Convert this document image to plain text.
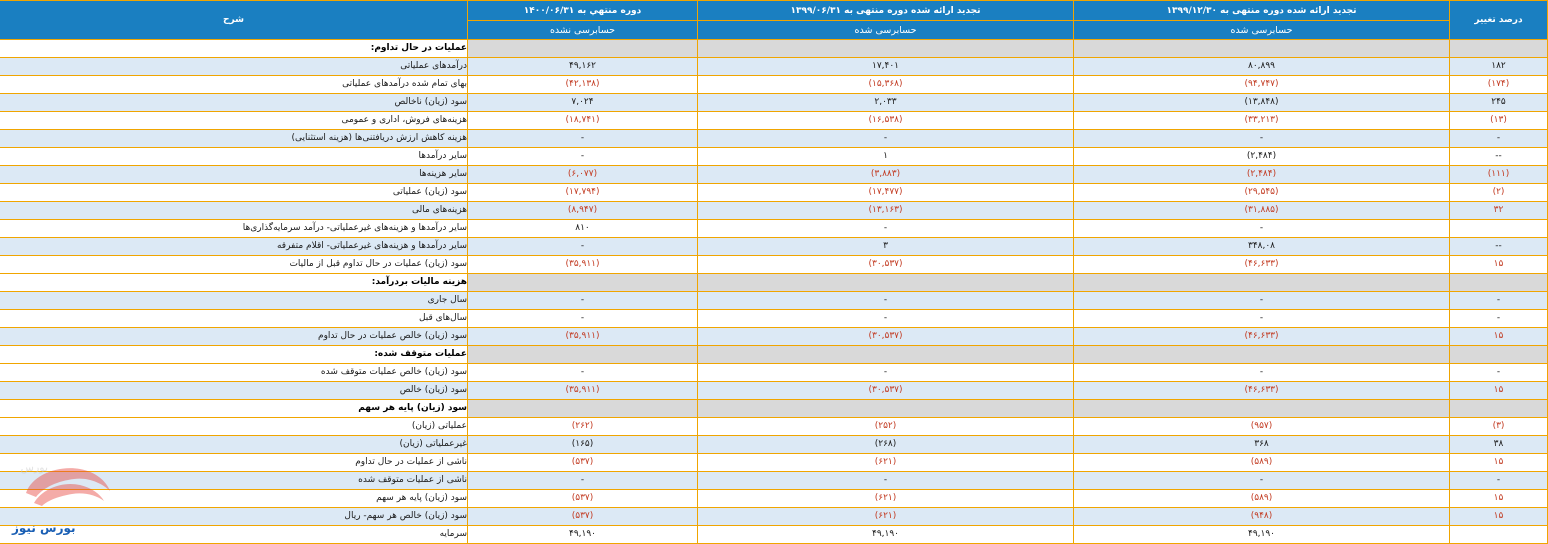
درصد تغییر	تجدید ارائه شده دوره منتهی به ۱۳۹۹/۱۲/۳۰	تجدید ارائه شده دوره منتهی به ۱۳۹۹/۰۶/۳۱	دوره منتهي به ۱۴۰۰/۰۶/۳۱	شرح
	حسابرسی شده	حسابرسی شده	حسابرسی نشده	
				عملیات در حال تداوم:
۱۸۲	۸۰,۸۹۹	۱۷,۴۰۱	۴۹,۱۶۲	درآمدهای عملیاتی
(۱۷۴)	(۹۴,۷۴۷)	(۱۵,۳۶۸)	(۴۲,۱۳۸)	بهای تمام شده درآمدهای عملیاتی
۲۴۵	(۱۳,۸۴۸)	۲,۰۳۳	۷,۰۲۴	سود (زیان) ناخالص
(۱۳)	(۳۳,۲۱۳)	(۱۶,۵۳۸)	(۱۸,۷۴۱)	هزینه‌های فروش، اداری و عمومی
-	-	-	-	هزینه کاهش ارزش دریافتنی‌ها (هزینه استثنایی)
--	(۲,۴۸۴)	۱	-	سایر درآمدها
(۱۱۱)	(۲,۴۸۴)	(۳,۸۸۳)	(۶,۰۷۷)	سایر هزینه‌ها
(۲)	(۲۹,۵۴۵)	(۱۷,۴۷۷)	(۱۷,۷۹۴)	سود (زیان) عملیاتی
۳۲	(۳۱,۸۸۵)	(۱۳,۱۶۳)	(۸,۹۴۷)	هزینه‌های مالی
	-	-	۸۱۰	سایر درآمدها و هزینه‌های غیرعملیاتی- درآمد سرمایه‌گذاری‌ها
--	۳۴۸,۰۸	۳	-	سایر درآمدها و هزینه‌های غیرعملیاتی- اقلام متفرقه
۱۵	(۴۶,۶۳۳)	(۳۰,۵۳۷)	(۳۵,۹۱۱)	سود (زیان) عملیات در حال تداوم قبل از مالیات
				هزینه مالیات بردرآمد:
-	-	-	-	سال جاری
-	-	-	-	سال‌های قبل
۱۵	(۴۶,۶۳۳)	(۳۰,۵۳۷)	(۳۵,۹۱۱)	سود (زیان) خالص عملیات در حال تداوم
				عملیات متوقف شده:
-	-	-	-	سود (زیان) خالص عملیات متوقف شده
۱۵	(۴۶,۶۳۳)	(۳۰,۵۳۷)	(۳۵,۹۱۱)	سود (زیان) خالص
				سود (زیان) پایه هر سهم
(۳)	(۹۵۷)	(۲۵۲)	(۲۶۲)	عملیاتی (زیان)
۳۸	۳۶۸	(۲۶۸)	(۱۶۵)	غیرعملیاتی (زیان)
۱۵	(۵۸۹)	(۶۲۱)	(۵۳۷)	ناشی از عملیات در حال تداوم
-	-	-	-	ناشی از عملیات متوقف شده
۱۵	(۵۸۹)	(۶۲۱)	(۵۳۷)	سود (زیان) پایه هر سهم
۱۵	(۹۴۸)	(۶۲۱)	(۵۳۷)	سود (زیان) خالص هر سهم- ریال
	۴۹,۱۹۰	۴۹,۱۹۰	۴۹,۱۹۰	سرمایه
بورس
بورس نیوز
